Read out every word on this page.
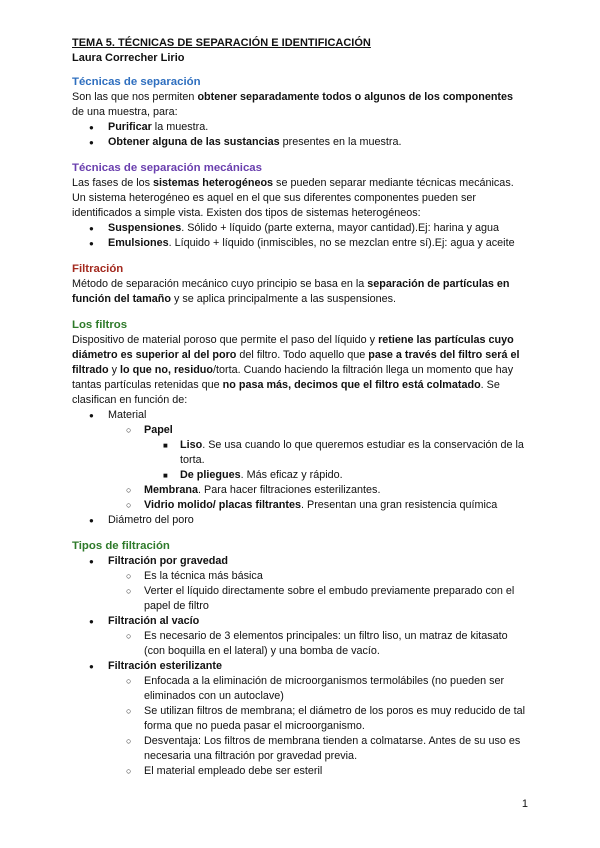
TEMA 5. TÉCNICAS DE SEPARACIÓN E IDENTIFICACIÓN
Laura Correcher Lirio
Técnicas de separación

Son las que nos permiten obtener separadamente todos o algunos de los componentes de una muestra, para:

● Purificar la muestra.
● Obtener alguna de las sustancias presentes en la muestra.
Técnicas de separación mecánicas

Las fases de los sistemas heterogéneos se pueden separar mediante técnicas mecánicas. Un sistema heterogéneo es aquel en el que sus diferentes componentes pueden ser identificados a simple vista. Existen dos tipos de sistemas heterogéneos:

● Suspensiones. Sólido + líquido (parte externa, mayor cantidad).Ej: harina y agua
● Emulsiones. Líquido + líquido (inmiscibles, no se mezclan entre sí).Ej: agua y aceite
Filtración

Método de separación mecánico cuyo principio se basa en la separación de partículas en función del tamaño y se aplica principalmente a las suspensiones.

Los filtros

Dispositivo de material poroso que permite el paso del líquido y retiene las partículas cuyo diámetro es superior al del poro del filtro. Todo aquello que pase a través del filtro será el filtrado y lo que no, residuo/torta. Cuando haciendo la filtración llega un momento que hay tantas partículas retenidas que no pasa más, decimos que el filtro está colmatado. Se clasifican en función de:

● Material
○ Papel
■ Liso. Se usa cuando lo que queremos estudiar es la conservación de la torta.
■ De pliegues. Más eficaz y rápido.
○ Membrana. Para hacer filtraciones esterilizantes.
○ Vidrio molido/ placas filtrantes. Presentan una gran resistencia química
● Diámetro del poro
Tipos de filtración
● Filtración por gravedad
○ Es la técnica más básica
○ Verter el líquido directamente sobre el embudo previamente preparado con el papel de filtro
● Filtración al vacío
○ Es necesario de 3 elementos principales: un filtro liso, un matraz de kitasato (con boquilla en el lateral) y una bomba de vacío.
● Filtración esterilizante
○ Enfocada a la eliminación de microorganismos termolábiles (no pueden ser eliminados con un autoclave)
○ Se utilizan filtros de membrana; el diámetro de los poros es muy reducido de tal forma que no pueda pasar el microorganismo.
○ Desventaja: Los filtros de membrana tienden a colmatarse. Antes de su uso es necesaria una filtración por gravedad previa.
○ El material empleado debe ser esteril
1
